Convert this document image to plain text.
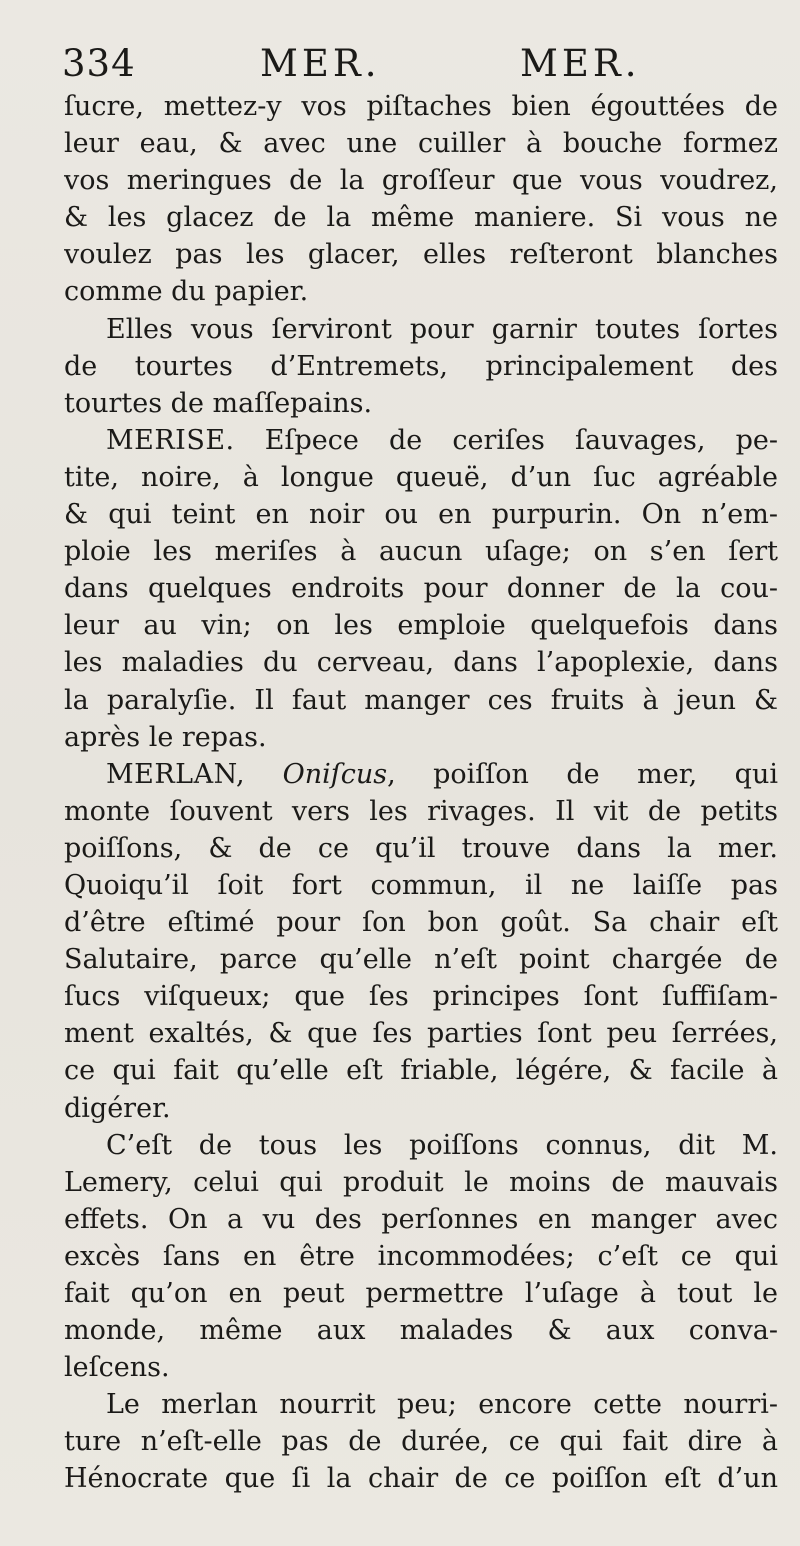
334	MER.	MER.
ſucre, mettez-y vos piſtaches bien égouttées de
leur eau, & avec une cuiller à bouche formez
vos meringues de la groſſeur que vous voudrez,
& les glacez de la même maniere. Si vous ne
voulez pas les glacer, elles reſteront blanches
comme du papier.
Elles vous ſerviront pour garnir toutes ſortes
de tourtes d’Entremets, principalement des
tourtes de maſſepains.
MERISE. Eſpece de ceriſes ſauvages, pe-
tite, noire, à longue queuë, d’un ſuc agréable
& qui teint en noir ou en purpurin. On n’em-
ploie les meriſes à aucun uſage; on s’en ſert
dans quelques endroits pour donner de la cou-
leur au vin; on les emploie quelquefois dans
les maladies du cerveau, dans l’apoplexie, dans
la paralyſie. Il faut manger ces fruits à jeun &
après le repas.
MERLAN, Oniſcus, poiſſon de mer, qui
monte ſouvent vers les rivages. Il vit de petits
poiſſons, & de ce qu’il trouve dans la mer.
Quoiqu’il ſoit fort commun, il ne laiſſe pas
d’être eſtimé pour ſon bon goût. Sa chair eſt
Salutaire, parce qu’elle n’eſt point chargée de
ſucs viſqueux; que ſes principes ſont ſuffiſam-
ment exaltés, & que ſes parties ſont peu ſerrées,
ce qui fait qu’elle eſt friable, légére, & facile à
digérer.
C’eſt de tous les poiſſons connus, dit M.
Lemery, celui qui produit le moins de mauvais
effets. On a vu des perſonnes en manger avec
excès ſans en être incommodées; c’eſt ce qui
fait qu’on en peut permettre l’uſage à tout le
monde, même aux malades & aux conva-
leſcens.
Le merlan nourrit peu; encore cette nourri-
ture n’eſt-elle pas de durée, ce qui fait dire à
Hénocrate que ſi la chair de ce poiſſon eſt d’un
